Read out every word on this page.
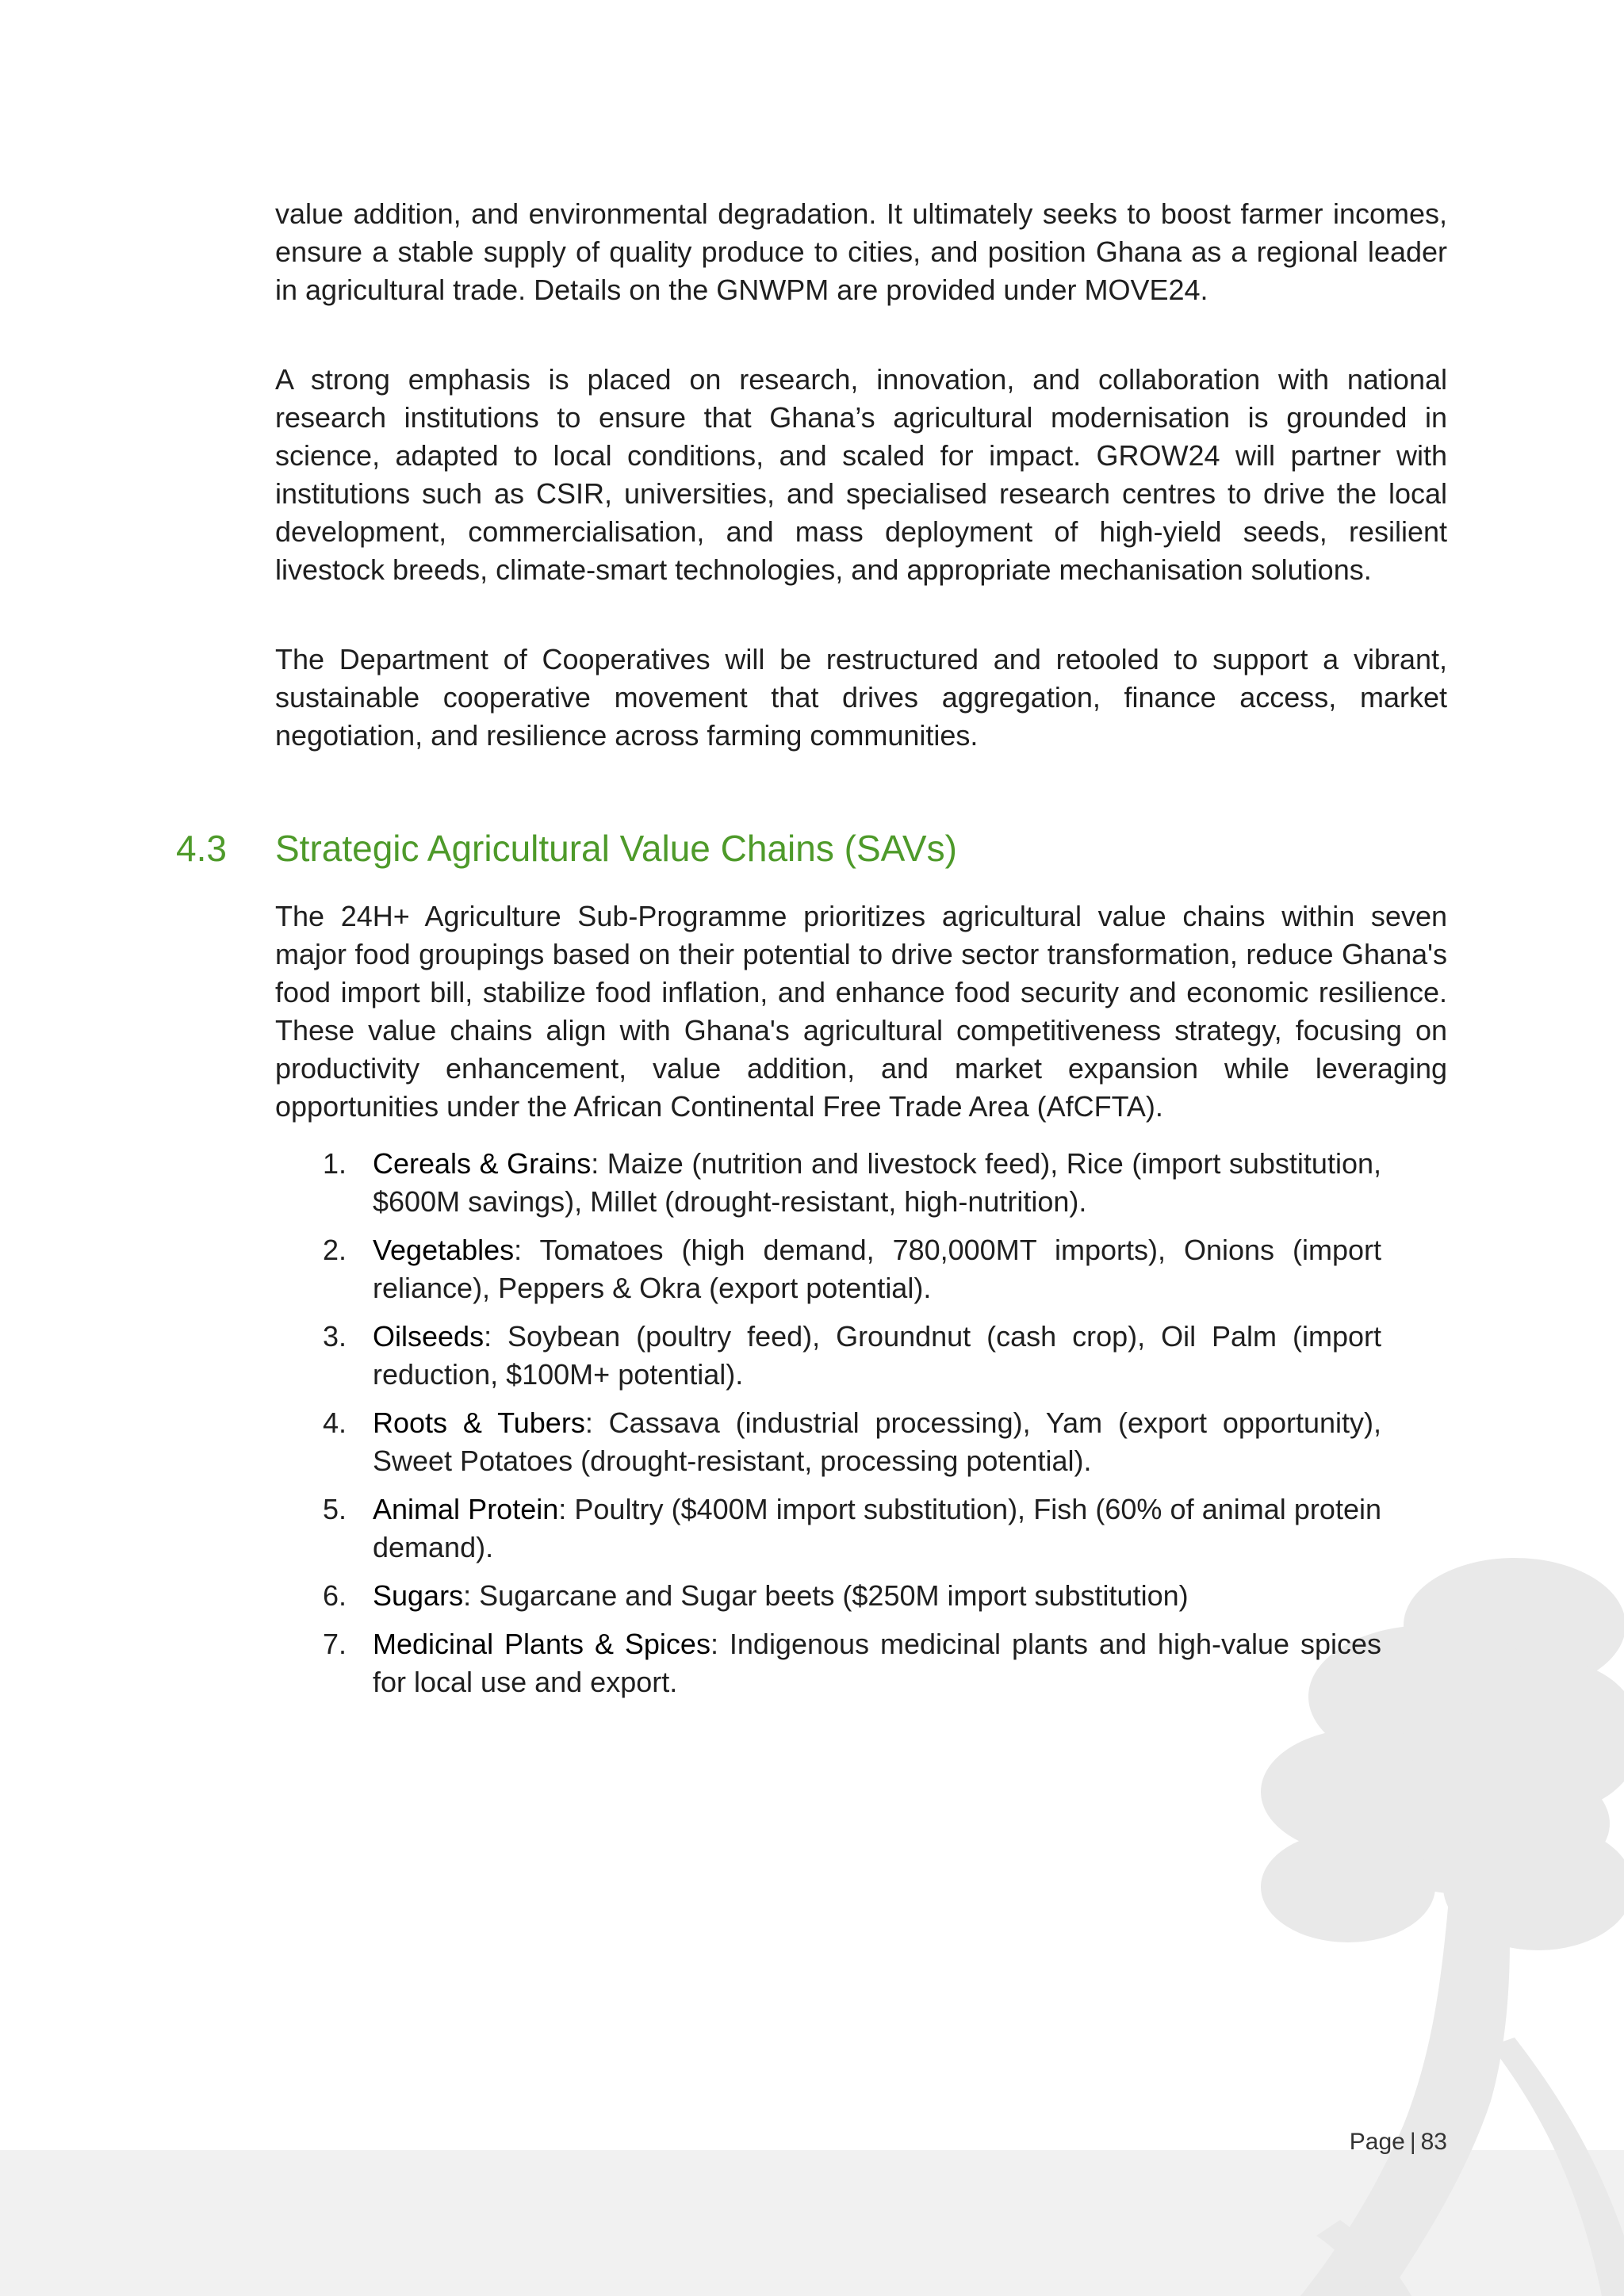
value addition, and environmental degradation. It ultimately seeks to boost farmer incomes, ensure a stable supply of quality produce to cities, and position Ghana as a regional leader in agricultural trade. Details on the GNWPM are provided under MOVE24.

A strong emphasis is placed on research, innovation, and collaboration with national research institutions to ensure that Ghana’s agricultural modernisation is grounded in science, adapted to local conditions, and scaled for impact. GROW24 will partner with institutions such as CSIR, universities, and specialised research centres to drive the local development, commercialisation, and mass deployment of high-yield seeds, resilient livestock breeds, climate-smart technologies, and appropriate mechanisation solutions.

The Department of Cooperatives will be restructured and retooled to support a vibrant, sustainable cooperative movement that drives aggregation, finance access, market negotiation, and resilience across farming communities.

4.3 Strategic Agricultural Value Chains (SAVs)

The 24H+ Agriculture Sub-Programme prioritizes agricultural value chains within seven major food groupings based on their potential to drive sector transformation, reduce Ghana's food import bill, stabilize food inflation, and enhance food security and economic resilience. These value chains align with Ghana's agricultural competitiveness strategy, focusing on productivity enhancement, value addition, and market expansion while leveraging opportunities under the African Continental Free Trade Area (AfCFTA).

1. Cereals & Grains: Maize (nutrition and livestock feed), Rice (import substitution, $600M savings), Millet (drought-resistant, high-nutrition).
2. Vegetables: Tomatoes (high demand, 780,000MT imports), Onions (import reliance), Peppers & Okra (export potential).
3. Oilseeds: Soybean (poultry feed), Groundnut (cash crop), Oil Palm (import reduction, $100M+ potential).
4. Roots & Tubers: Cassava (industrial processing), Yam (export opportunity), Sweet Potatoes (drought-resistant, processing potential).
5. Animal Protein: Poultry ($400M import substitution), Fish (60% of animal protein demand).
6. Sugars: Sugarcane and Sugar beets ($250M import substitution)
7. Medicinal Plants & Spices: Indigenous medicinal plants and high-value spices for local use and export.
Page | 83
